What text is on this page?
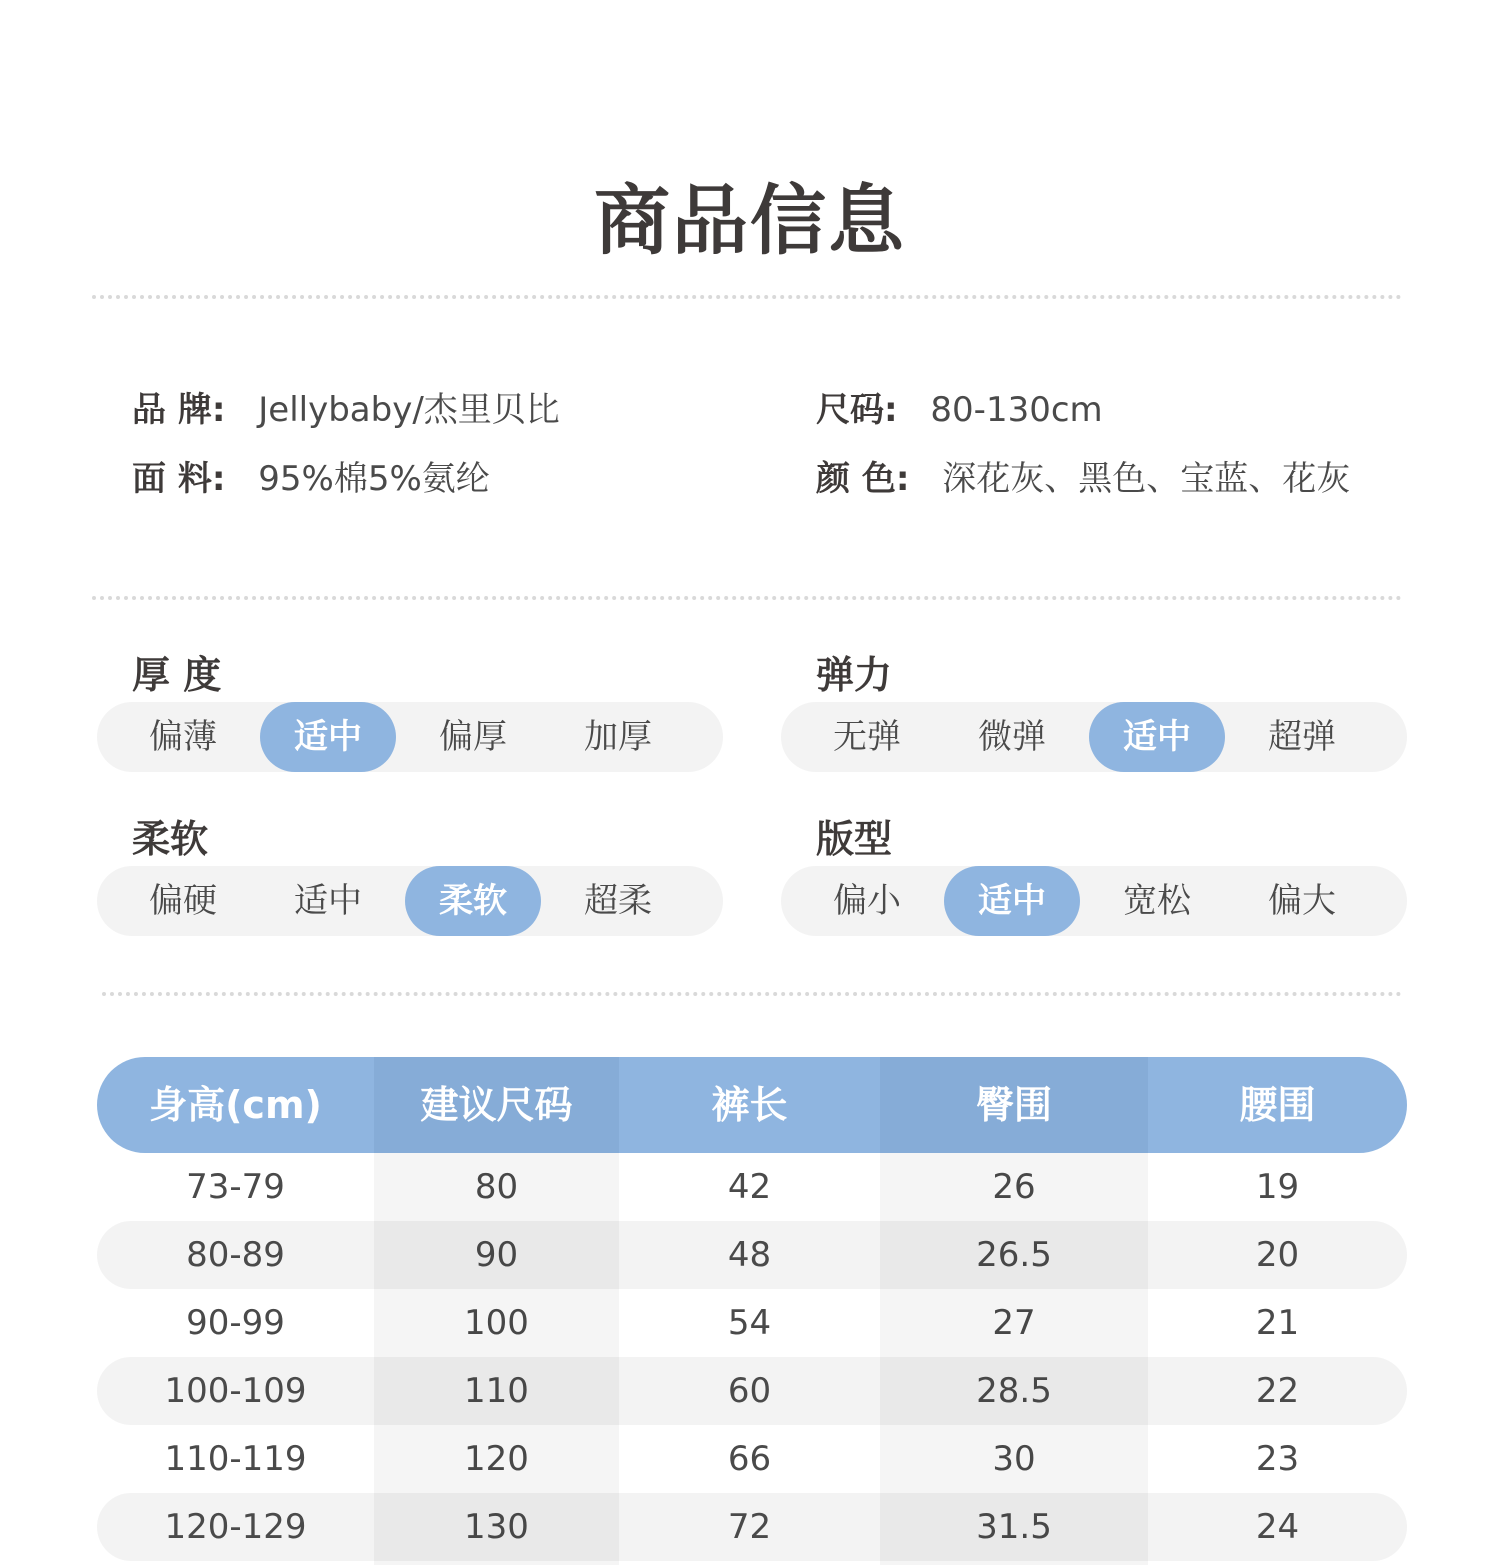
商品信息
品 牌: Jellybaby/杰里贝比	尺码: 80-130cm
面 料: 95%棉5%氨纶	颜 色: 深花灰、黑色、宝蓝、花灰
厚 度
偏薄	适中	偏厚	加厚
弹力
无弹	微弹	适中	超弹
柔软
偏硬	适中	柔软	超柔
版型
偏小	适中	宽松	偏大
身高(cm)	建议尺码	裤长	臀围	腰围
73-79	80	42	26	19
80-89	90	48	26.5	20
90-99	100	54	27	21
100-109	110	60	28.5	22
110-119	120	66	30	23
120-129	130	72	31.5	24
